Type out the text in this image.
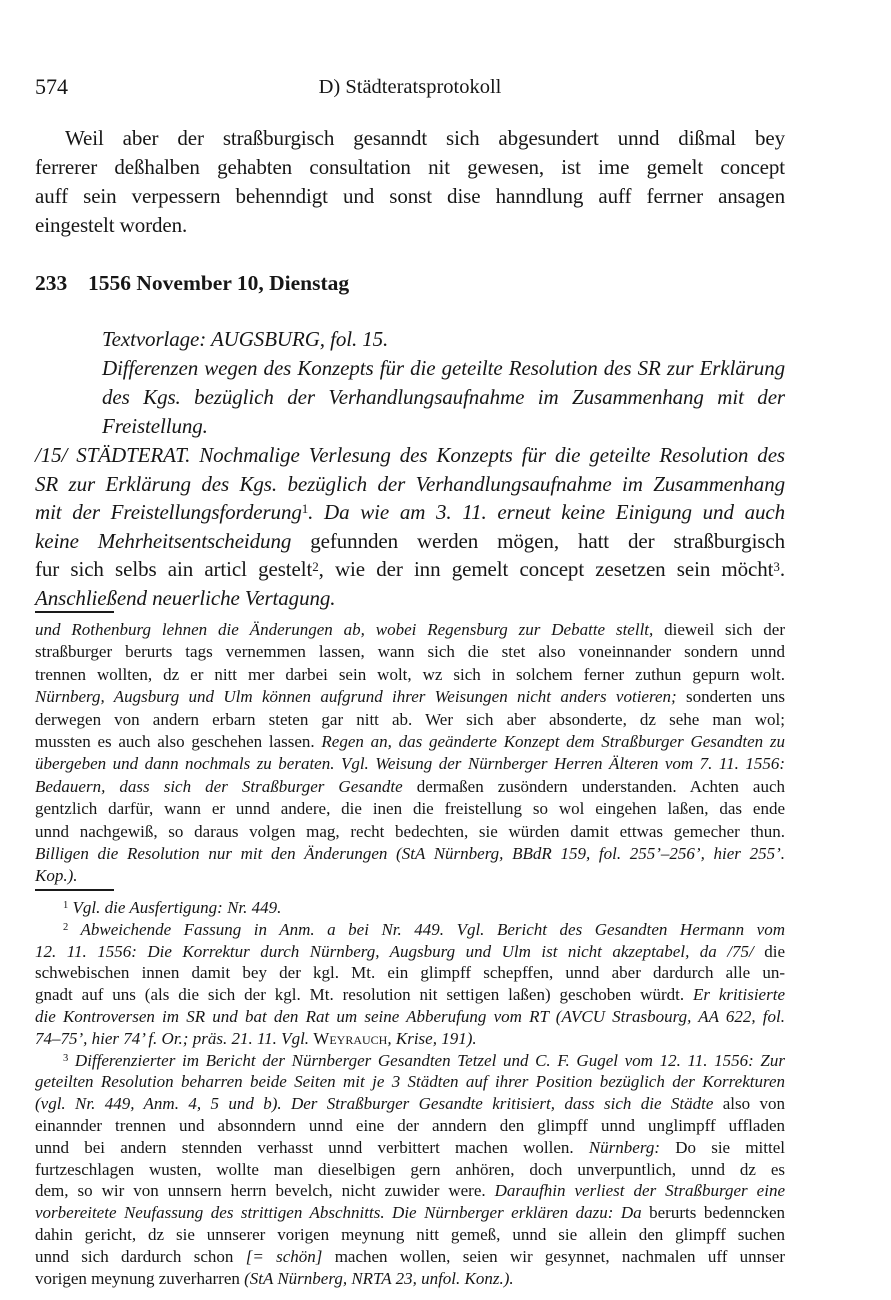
574	D) Städteratsprotokoll
Weil aber der straßburgisch gesanndt sich abgesundert unnd dißmal bey
ferrerer deßhalben gehabten consultation nit gewesen, ist ime gemelt concept
auff sein verpessern behenndigt und sonst dise hanndlung auff ferrner ansagen
eingestelt worden.
233 1556 November 10, Dienstag
Textvorlage: AUGSBURG, fol. 15.
Differenzen wegen des Konzepts für die geteilte Resolution des SR zur Erklärung
des Kgs. bezüglich der Verhandlungsaufnahme im Zusammenhang mit der
Freistellung.
/15/ STÄDTERAT. Nochmalige Verlesung des Konzepts für die geteilte Resolution des
SR zur Erklärung des Kgs. bezüglich der Verhandlungsaufnahme im Zusammenhang
mit der Freistellungsforderung$^1$. Da wie am 3. 11. erneut keine Einigung und auch
keine Mehrheitsentscheidung gefunnden werden mögen, hatt der straßburgisch
fur sich selbs ain articl gestelt$^2$, wie der inn gemelt concept zesetzen sein möcht$^3$.
Anschließend neuerliche Vertagung.
und Rothenburg lehnen die Änderungen ab, wobei Regensburg zur Debatte stellt, dieweil sich der
straßburger berurts tags vernemmen lassen, wann sich die stet also voneinnander sondern unnd
trennen wollten, dz er nitt mer darbei sein wolt, wz sich in solchem ferner zuthun gepurn wolt.
Nürnberg, Augsburg und Ulm können aufgrund ihrer Weisungen nicht anders votieren; sonderten uns
derwegen von andern erbarn steten gar nitt ab. Wer sich aber absonderte, dz sehe man wol;
mussten es auch also geschehen lassen. Regen an, das geänderte Konzept dem Straßburger Gesandten zu
übergeben und dann nochmals zu beraten. Vgl. Weisung der Nürnberger Herren Älteren vom 7. 11. 1556:
Bedauern, dass sich der Straßburger Gesandte dermaßen zusöndern understanden. Achten auch
gentzlich darfür, wann er unnd andere, die inen die freistellung so wol eingehen laßen, das ende
unnd nachgewiß, so daraus volgen mag, recht bedechten, sie würden damit ettwas gemecher thun.
Billigen die Resolution nur mit den Änderungen (StA Nürnberg, BBdR 159, fol. 255’–256’, hier 255’.
Kop.).
$^1$ Vgl. die Ausfertigung: Nr. 449.
$^2$ Abweichende Fassung in Anm. a bei Nr. 449. Vgl. Bericht des Gesandten Hermann vom
12. 11. 1556: Die Korrektur durch Nürnberg, Augsburg und Ulm ist nicht akzeptabel, da /75/ die
schwebischen innen damit bey der kgl. Mt. ein glimpff schepffen, unnd aber dardurch alle un-
gnadt auf uns (als die sich der kgl. Mt. resolution nit settigen laßen) geschoben würdt. Er kritisierte
die Kontroversen im SR und bat den Rat um seine Abberufung vom RT (AVCU Strasbourg, AA 622, fol.
74–75’, hier 74’ f. Or.; präs. 21. 11. Vgl. Weyrauch, Krise, 191).
$^3$ Differenzierter im Bericht der Nürnberger Gesandten Tetzel und C. F. Gugel vom 12. 11. 1556: Zur
geteilten Resolution beharren beide Seiten mit je 3 Städten auf ihrer Position bezüglich der Korrekturen
(vgl. Nr. 449, Anm. 4, 5 und b). Der Straßburger Gesandte kritisiert, dass sich die Städte also von
einannder trennen und absonndern unnd eine der anndern den glimpff unnd unglimpff uffladen
unnd bei andern stennden verhasst unnd verbittert machen wollen. Nürnberg: Do sie mittel
furtzeschlagen wusten, wollte man dieselbigen gern anhören, doch unverpuntlich, unnd dz es
dem, so wir von unnsern herrn bevelch, nicht zuwider were. Daraufhin verliest der Straßburger eine
vorbereitete Neufassung des strittigen Abschnitts. Die Nürnberger erklären dazu: Da berurts bedenncken
dahin gericht, dz sie unnserer vorigen meynung nitt gemeß, unnd sie allein den glimpff suchen
unnd sich dardurch schon [= schön] machen wollen, seien wir gesynnet, nachmalen uff unnser
vorigen meynung zuverharren (StA Nürnberg, NRTA 23, unfol. Konz.).
